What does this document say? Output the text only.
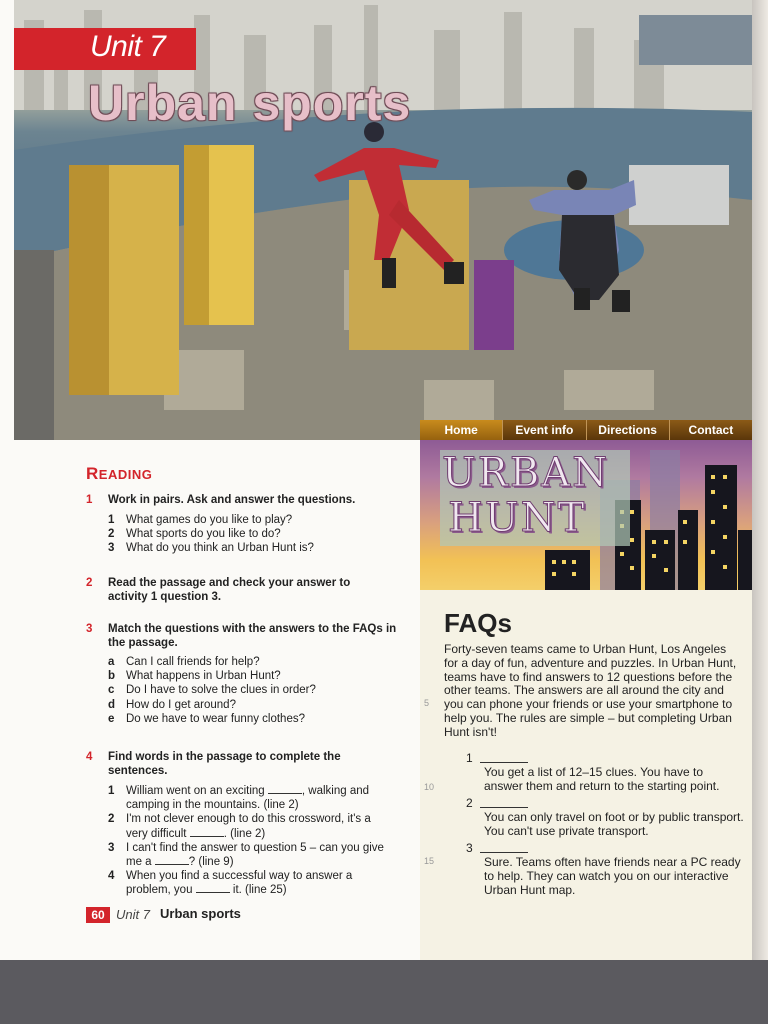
Unit 7
Urban sports
Home	Event info	Directions	Contact
URBAN
HUNT
FAQs
Forty-seven teams came to Urban Hunt, Los Angeles for a day of fun, adventure and puzzles. In Urban Hunt, teams have to find answers to 12 questions before the other teams. The answers are all around the city and you can phone your friends or use your smartphone to help you. The rules are simple – but completing Urban Hunt isn't!
5
10
15
1
You get a list of 12–15 clues. You have to answer them and return to the starting point.
2
You can only travel on foot or by public transport. You can't use private transport.
3
Sure. Teams often have friends near a PC ready to help. They can watch you on our interactive Urban Hunt map.
READING
1 Work in pairs. Ask and answer the questions.
1 What games do you like to play?
2 What sports do you like to do?
3 What do you think an Urban Hunt is?
2 Read the passage and check your answer to activity 1 question 3.
3 Match the questions with the answers to the FAQs in the passage.
a Can I call friends for help?
b What happens in Urban Hunt?
c Do I have to solve the clues in order?
d How do I get around?
e Do we have to wear funny clothes?
4 Find words in the passage to complete the sentences.
1 William went on an exciting	, walking and camping in the mountains. (line 2)
2 I'm not clever enough to do this crossword, it's a very difficult	. (line 2)
3 I can't find the answer to question 5 – can you give me a	? (line 9)
4 When you find a successful way to answer a problem, you	it. (line 25)
60 Unit 7 Urban sports
